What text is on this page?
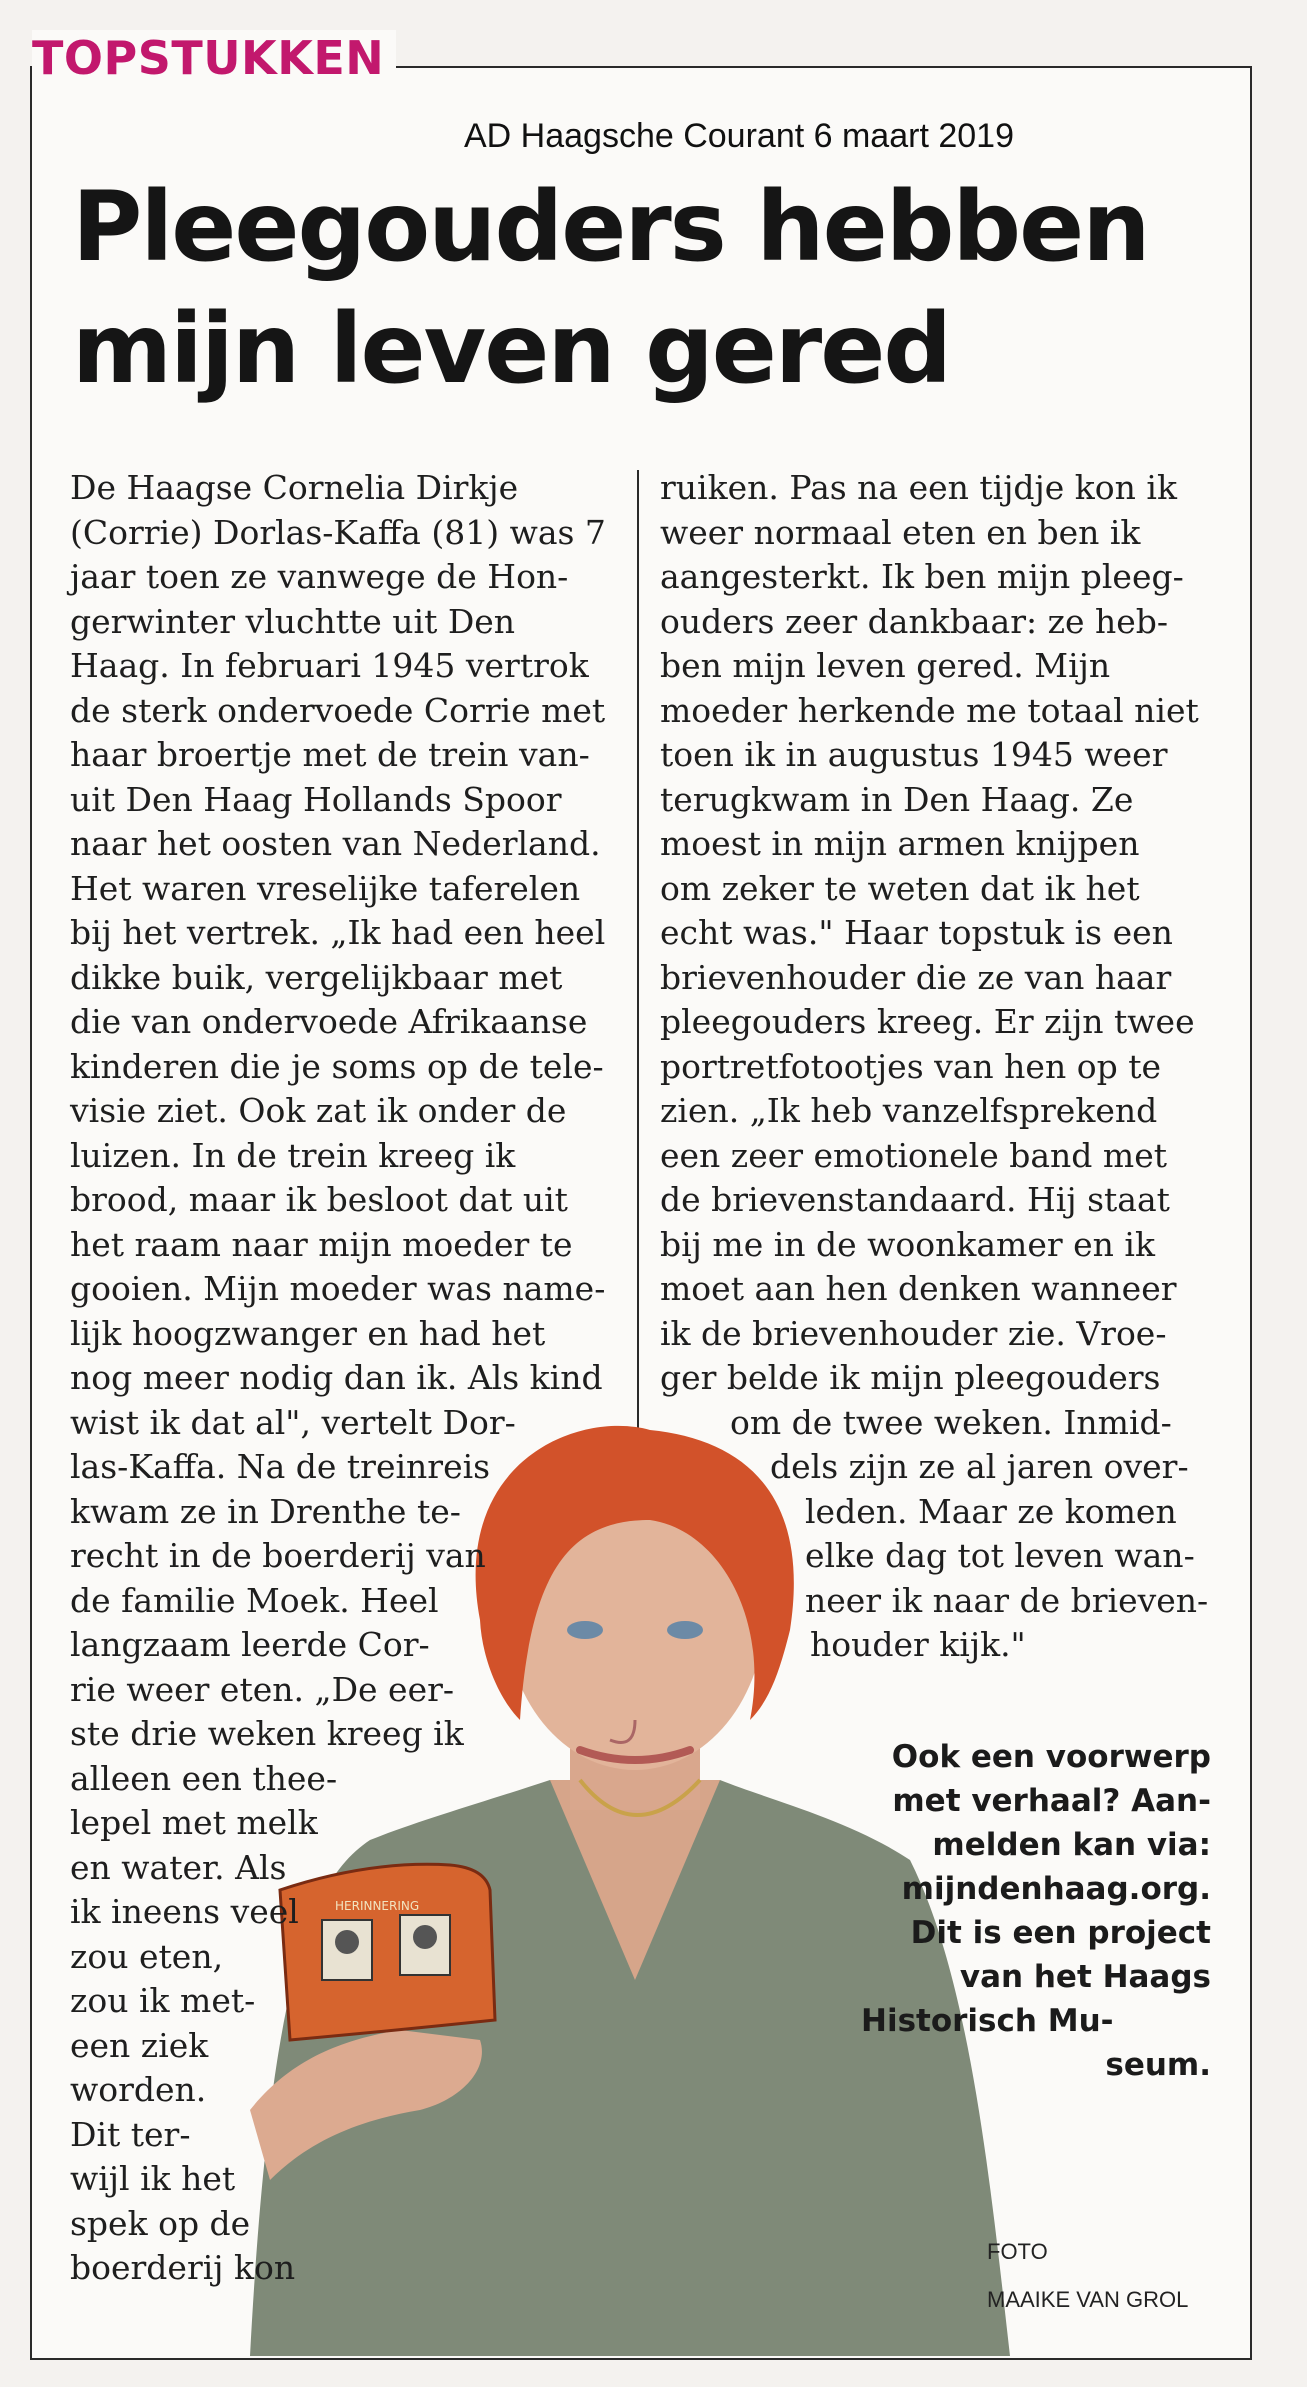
TOPSTUKKEN
AD Haagsche Courant 6 maart 2019
Pleegouders hebben
mijn leven gered
HERINNERING
De Haagse Cornelia Dirkje
(Corrie) Dorlas-Kaffa (81) was 7
jaar toen ze vanwege de Hon-
gerwinter vluchtte uit Den
Haag. In februari 1945 vertrok
de sterk ondervoede Corrie met
haar broertje met de trein van-
uit Den Haag Hollands Spoor
naar het oosten van Nederland.
Het waren vreselijke taferelen
bij het vertrek. „Ik had een heel
dikke buik, vergelijkbaar met
die van ondervoede Afrikaanse
kinderen die je soms op de tele-
visie ziet. Ook zat ik onder de
luizen. In de trein kreeg ik
brood, maar ik besloot dat uit
het raam naar mijn moeder te
gooien. Mijn moeder was name-
lijk hoogzwanger en had het
nog meer nodig dan ik. Als kind
wist ik dat al", vertelt Dor-
las-Kaffa. Na de treinreis
kwam ze in Drenthe te-
recht in de boerderij van
de familie Moek. Heel
langzaam leerde Cor-
rie weer eten. „De eer-
ste drie weken kreeg ik
alleen een thee-
lepel met melk
en water. Als
ik ineens veel
zou eten,
zou ik met-
een ziek
worden.
Dit ter-
wijl ik het
spek op de
boerderij kon
ruiken. Pas na een tijdje kon ik
weer normaal eten en ben ik
aangesterkt. Ik ben mijn pleeg-
ouders zeer dankbaar: ze heb-
ben mijn leven gered. Mijn
moeder herkende me totaal niet
toen ik in augustus 1945 weer
terugkwam in Den Haag. Ze
moest in mijn armen knijpen
om zeker te weten dat ik het
echt was." Haar topstuk is een
brievenhouder die ze van haar
pleegouders kreeg. Er zijn twee
portretfotootjes van hen op te
zien. „Ik heb vanzelfsprekend
een zeer emotionele band met
de brievenstandaard. Hij staat
bij me in de woonkamer en ik
moet aan hen denken wanneer
ik de brievenhouder zie. Vroe-
ger belde ik mijn pleegouders
om de twee weken. Inmid-
dels zijn ze al jaren over-
leden. Maar ze komen
elke dag tot leven wan-
neer ik naar de brieven-
houder kijk."
Ook een voorwerp
met verhaal? Aan-
melden kan via:
mijndenhaag.org.
Dit is een project
van het Haags
Historisch Mu-
seum.
FOTO
MAAIKE VAN GROL
